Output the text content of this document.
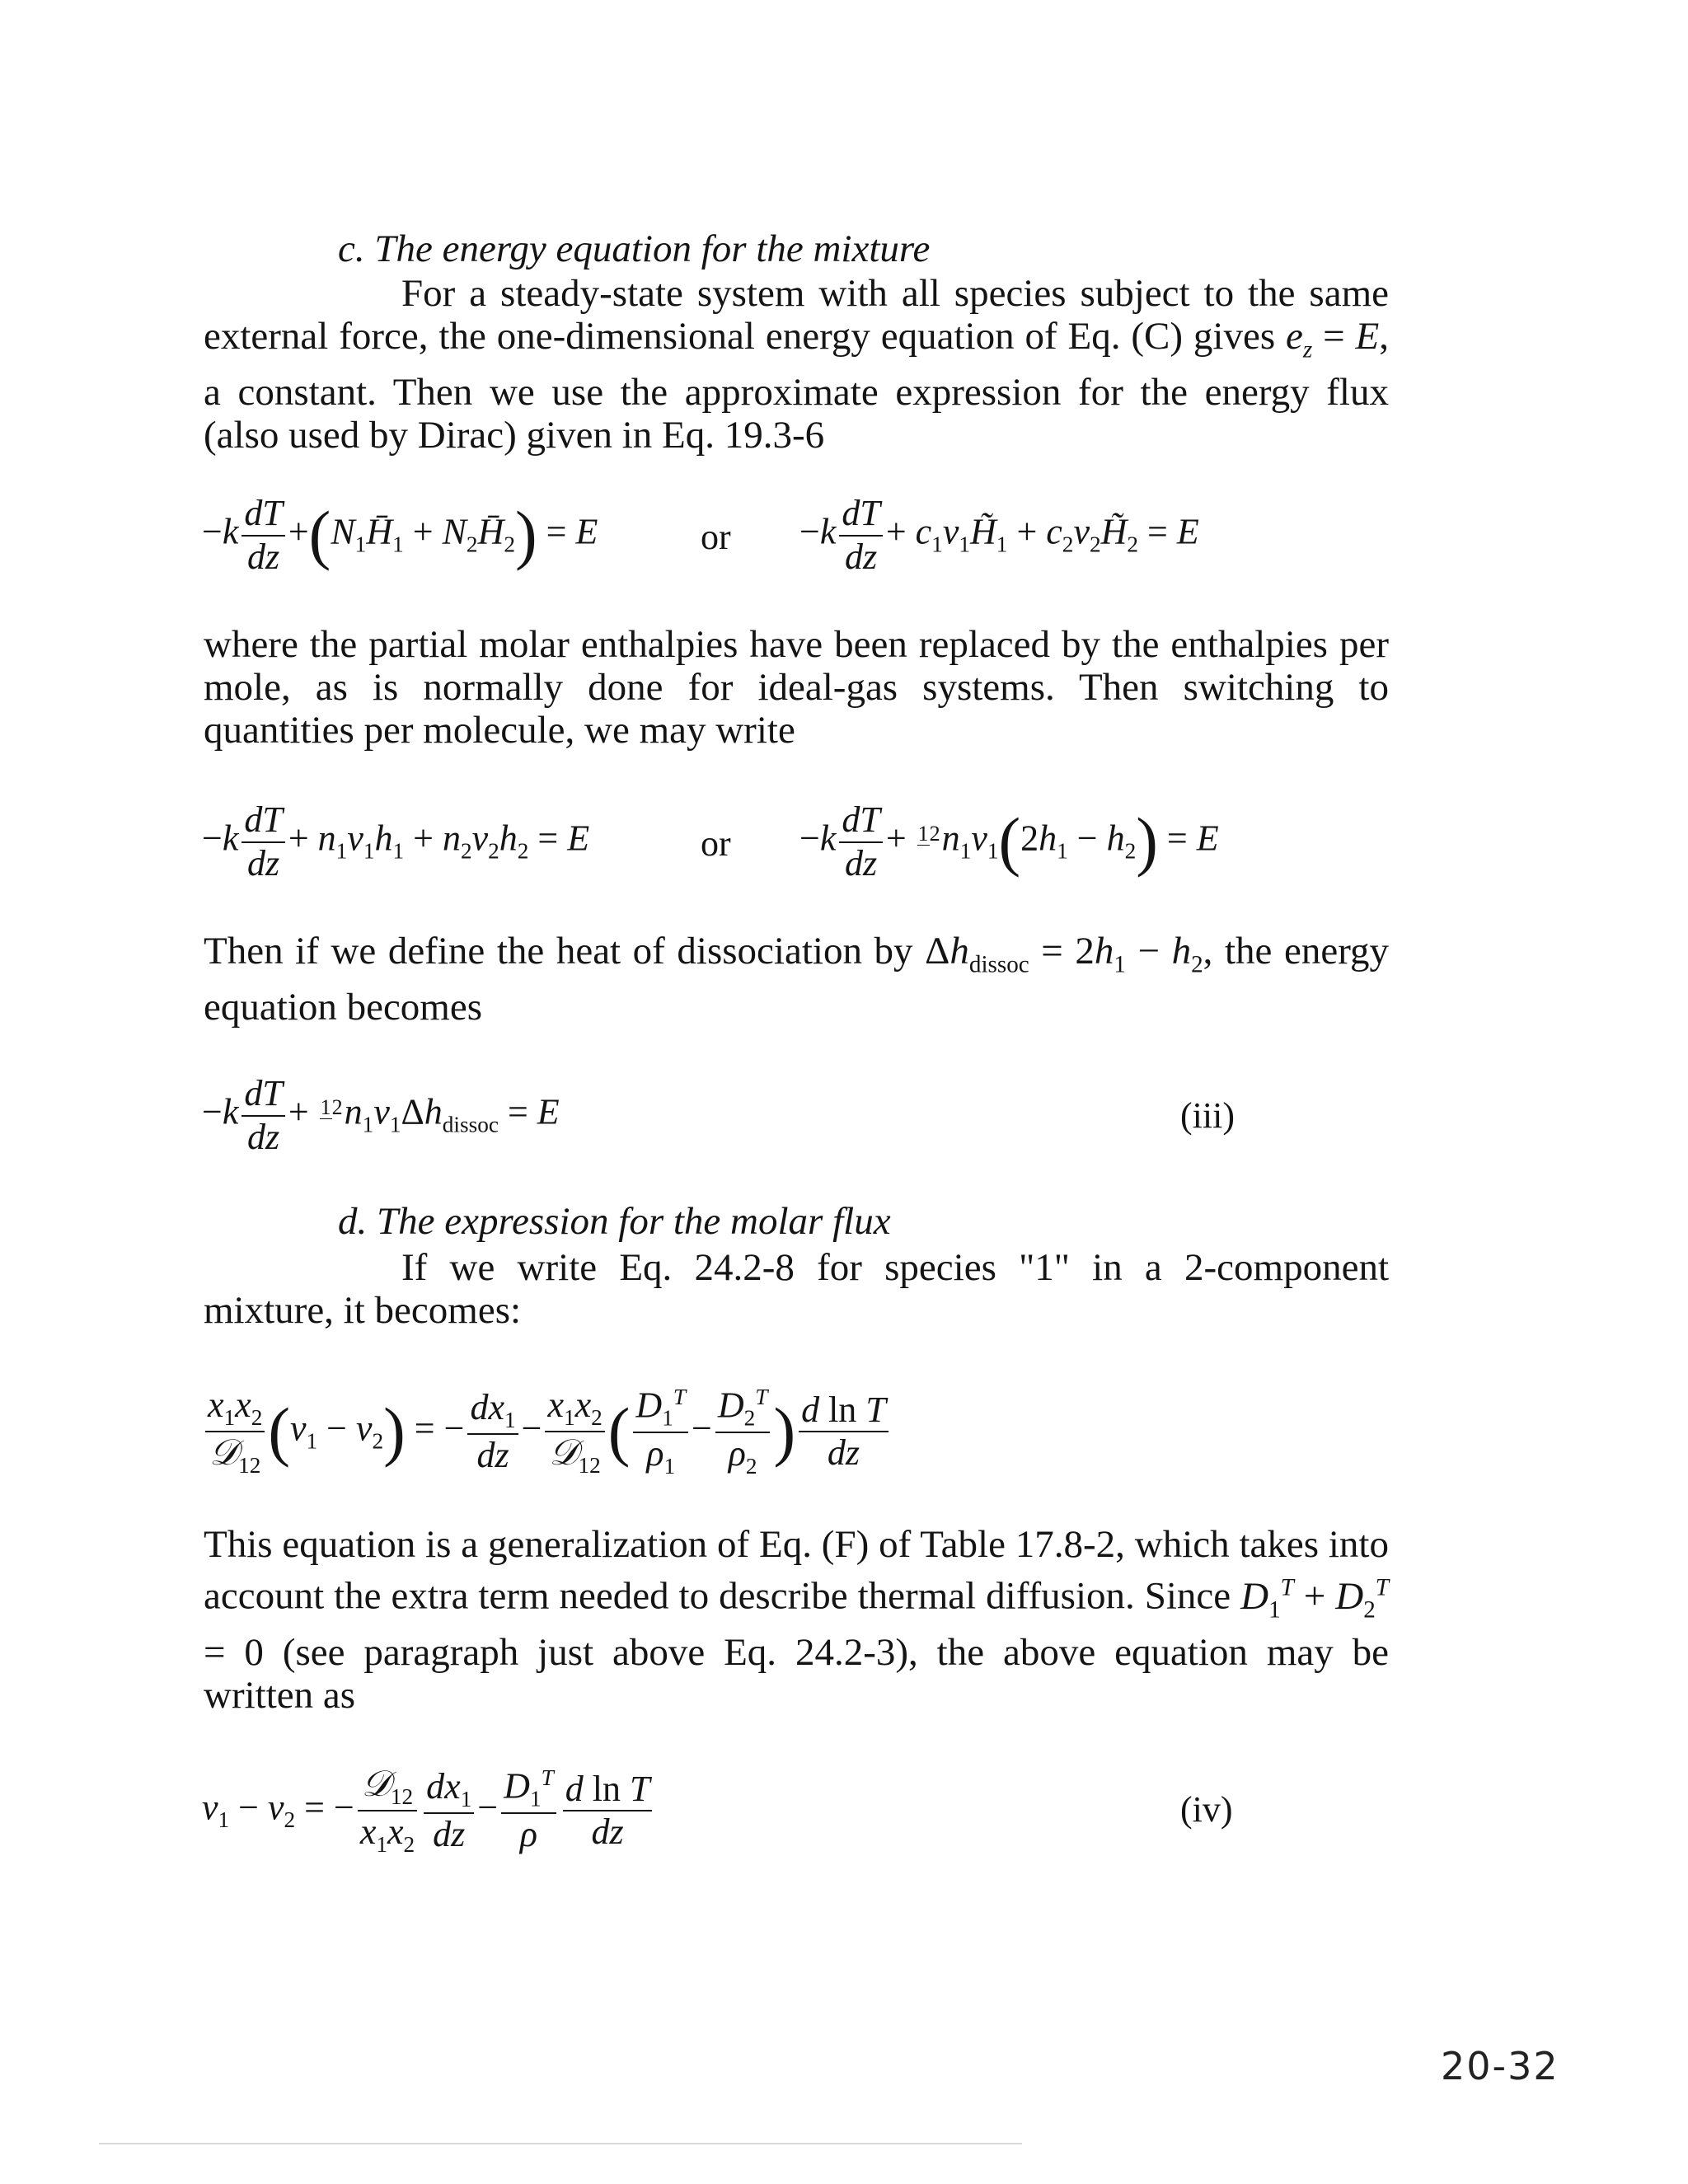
c. The energy equation for the mixture

For a steady-state system with all species subject to the same external force, the one-dimensional energy equation of Eq. (C) gives $e_z = E$, a constant. Then we use the approximate expression for the energy flux (also used by Dirac) given in Eq. 19.3-6

$-k \frac{dT}{dz}$ $+(N_1H̄_1$ + $N_2H̄_2) = E$	or $-k \frac{dT}{dz}$ + $c_1v_1H̃_1$ + $c_2v_2H̃_2 = E$

where the partial molar enthalpies have been replaced by the enthalpies per mole, as is normally done for ideal-gas systems. Then switching to quantities per molecule, we may write

$-k \frac{dT}{dz} + n_1v_1h_1 + n_2v_2h_2 = E$	or $-k \frac{dT}{dz} + ^{12}n_1v_1(2h_1 - h_2) = E$

Then if we define the heat of dissociation by $\Delta h_{dissoc} = 2h_1 - h_2$, the energy equation becomes

$-k \frac{dT}{dz} + ^{12}n_1v_1\Delta h_{dissoc} = E$	(iii)
d. The expression for the molar flux

If we write Eq. 24.2-8 for species "1" in a 2-component mixture, it becomes:

$\frac{x_1x_2}{𝒟_{12}} (v_1 - v_2)$ = − $\frac{dx_1}{dz} - \frac{x_1x_2}{𝒟_{12}}$ ( $\frac{D_1^T}{\rho_1} - \frac{D_2^T}{\rho_2}$ ) $\frac{\text{d ln T}}{dz}$

This equation is a generalization of Eq. (F) of Table 17.8-2, which takes into account the extra term needed to describe thermal diffusion. Since $D_1^T + D_2^T = 0$ (see paragraph just above Eq. 24.2-3), the above equation may be written as

$v_1 - v_2$ = − $\frac{𝒟_{12}}{x_1x_2} \frac{dx_1}{dz} - \frac{D_1^T}{\rho} \frac{\text{d ln T}}{dz}$	(iv)
20-32
